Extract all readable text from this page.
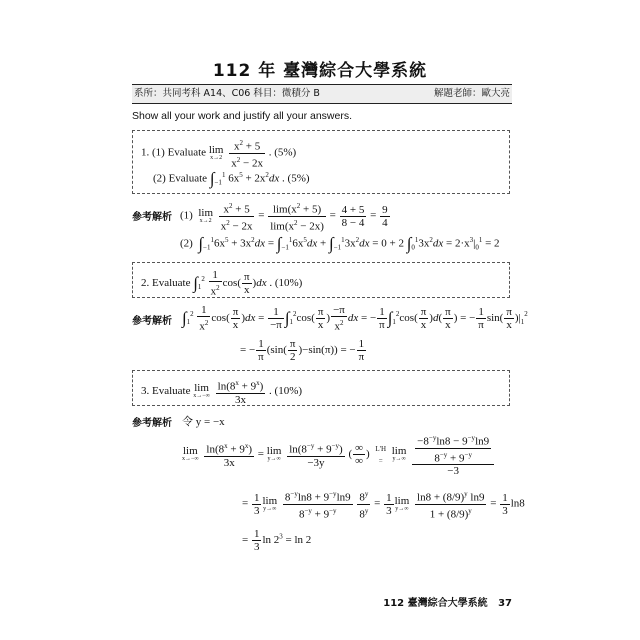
112 年 臺灣綜合大學系統
系所：共同考科 A14、C06 科目：微積分 B	解題老師：歐大亮
Show all your work and justify all your answers.
1. (1) Evaluate lim
x→2
$\frac{x^2 + 5}{x^2 - 2x}$ . (5%)
(2) Evaluate $\int_{-1}^1$ $6x^5 + 2x^2dx$ . (5%)
參考解析 (1)  lim
x→2
$\frac{x^2 + 5}{x^2 - 2x} = \frac{\lim(x^2 + 5)}{\lim(x^2 - 2x)} = \frac{4 + 5}{8 - 4} = \frac{9}{4}$
(2)  $\int_{-1}^16x^5 + 3x^2dx = \int_{-1}^16x^5dx + \int_{-1}^13x^2dx = 0 + 2$ $\int_0^13x^2dx = 2\cdot x^3|_0^1 = 2$
2. Evaluate $\int_1^2 \frac{1}{x^2} \cos( \frac{\pi}{x} )dx$ . (10%)
參考解析 $\int_1^2 \frac{1}{x^2} \cos( \frac{\pi}{x} )dx = \frac{1}{-\pi} \int_1^2\cos( \frac{\pi}{x}$ ) $\frac{-\pi}{x^2}$ dx = − $\frac{1}{\pi} \int_1^2\cos( \frac{\pi}{x} )d( \frac{\pi}{x}$ ) = − $\frac{1}{\pi} \sin( \frac{\pi}{x} )|_1^2$
= − $\frac{1}{\pi} (\sin( \frac{\pi}{2} )-\sin(\pi))$ = − $\frac{1}{\pi}$
3. Evaluate lim
x→−∞
$\frac{\ln(8^x + 9^x)}{3x}$ . (10%)
參考解析 令 y = −x
lim
x→−∞
$\frac{\ln(8^x + 9^x)}{3x} = \lim$
y→∞
$\frac{\ln(8^{-y} + 9^{-y})}{-3y}$ ( $\frac{\infty}{\infty}$ ) L'H
=
lim
y→∞
$\frac{\frac{-8^{-y}\ln 8 - 9^{-y}\ln 9}{8^{-y} + 9^{-y}}}{-3}$
= $\frac{1}{3}$ lim
y→∞
$\frac{8^{-y}\ln 8 + 9^{-y}\ln 9}{8^{-y} + 9^{-y}}$
$\frac{8^y}{8^y} = \frac{1}{3}$ lim
y→∞
$\frac{\ln 8 + (8/9)^y \ln 9}{1 + (8/9)^y} = \frac{1}{3} \ln 8$
= $\frac{1}{3}$ $\ln 2^3 = \ln 2$
112 臺灣綜合大學系統 37
